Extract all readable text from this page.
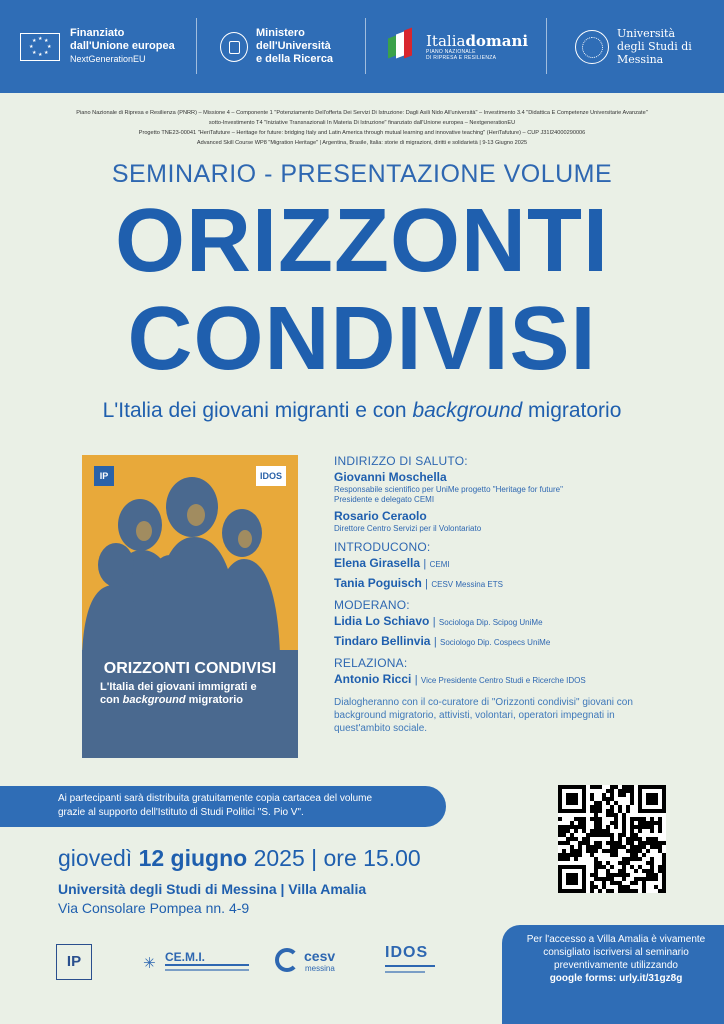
★ ★
★
★
★
★
★
★
Finanziato
dall'Unione europea
NextGenerationEU
Ministero
dell'Università
e della Ricerca
Italiadomani
PIANO NAZIONALE
DI RIPRESA E RESILIENZA
Università
degli Studi di
Messina

Piano Nazionale di Ripresa e Resilienza (PNRR) – Missione 4 – Componente 1 "Potenziamento Dell'offerta Dei Servizi Di Istruzione: Dagli Asili Nido All'università" – Investimento 3.4 "Didattica E Competenze Universitarie Avanzate"

sotto-Investimento T4 "Iniziative Transnazionali In Materia Di Istruzione" finanziato dall'Unione europea – NextgenerationEU

Progetto TNE23-00041 "HeriTafuture – Heritage for future: bridging Italy and Latin America through mutual learning and innovative teaching" (HeriTafuture) – CUP J31I24000290006

Advanced Skill Course WP8 "Migration Heritage" | Argentina, Brasile, Italia: storie di migrazioni, diritti e solidarietà | 9-13 Giugno 2025

SEMINARIO - PRESENTAZIONE VOLUME
ORIZZONTI
CONDIVISI
L'Italia dei giovani migranti e con background migratorio
IP	IDOS
ORIZZONTI CONDIVISI
L'Italia dei giovani immigrati e
con background migratorio
INDIRIZZO DI SALUTO:
Giovanni Moschella
Responsabile scientifico per UniMe progetto "Heritage for future"
Presidente e delegato CEMI
Rosario Ceraolo
Direttore Centro Servizi per il Volontariato
INTRODUCONO:
Elena Girasella | CEMI
Tania Poguisch | CESV Messina ETS
MODERANO:
Lidia Lo Schiavo | Sociologa Dip. Scipog UniMe
Tindaro Bellinvia | Sociologo Dip. Cospecs UniMe
RELAZIONA:
Antonio Ricci | Vice Presidente Centro Studi e Ricerche IDOS
Dialogheranno con il co-curatore di "Orizzonti condivisi" giovani con background migratorio, attivisti, volontari, operatori impegnati in quest'ambito sociale.
Ai partecipanti sarà distribuita gratuitamente copia cartacea del volume
grazie al supporto dell'Istituto di Studi Politici "S. Pio V".
giovedì 12 giugno 2025 | ore 15.00
Università degli Studi di Messina | Villa Amalia
Via Consolare Pompea nn. 4-9
IP	✳ CE.M.I.	cesv
messina
IDOS
Per l'accesso a Villa Amalia è vivamente
consigliato iscriversi al seminario
preventivamente utilizzando
google forms: urly.it/31gz8g
